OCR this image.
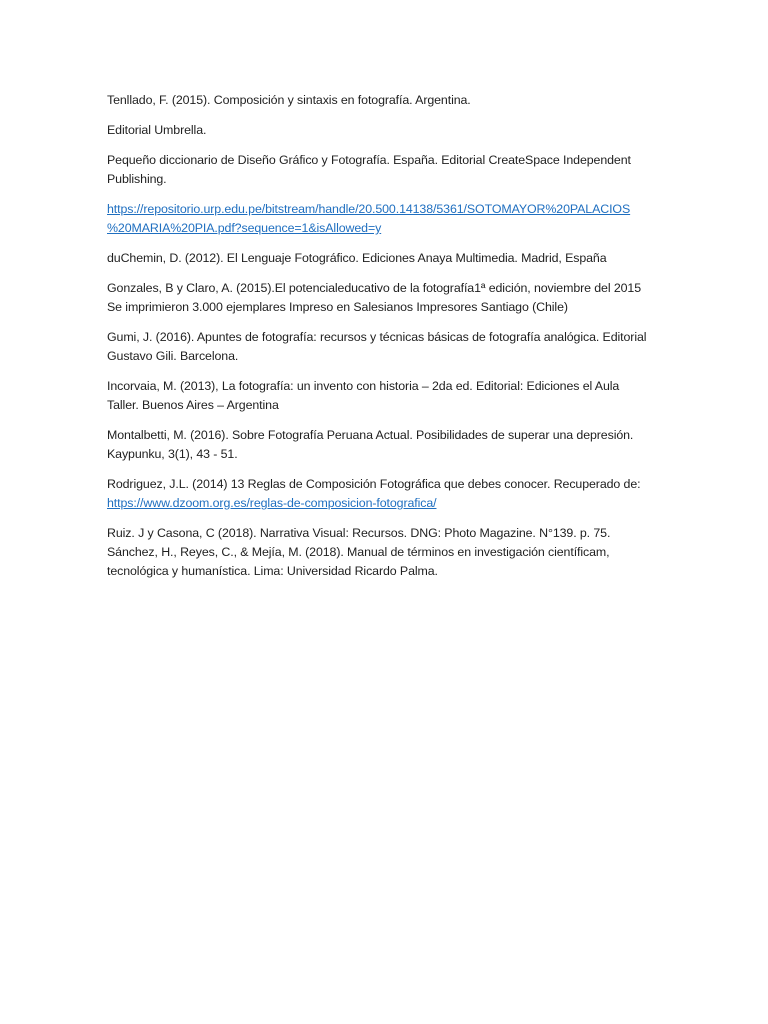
Tenllado, F. (2015). Composición y sintaxis en fotografía. Argentina.

Editorial Umbrella.

Pequeño diccionario de Diseño Gráfico y Fotografía. España. Editorial CreateSpace Independent
Publishing.

https://repositorio.urp.edu.pe/bitstream/handle/20.500.14138/5361/SOTOMAYOR%20PALACIOS
%20MARIA%20PIA.pdf?sequence=1&isAllowed=y

duChemin, D. (2012). El Lenguaje Fotográfico. Ediciones Anaya Multimedia. Madrid, España

Gonzales, B y Claro, A. (2015).El potencialeducativo de la fotografía1ª edición, noviembre del 2015
Se imprimieron 3.000 ejemplares Impreso en Salesianos Impresores Santiago (Chile)

Gumi, J. (2016). Apuntes de fotografía: recursos y técnicas básicas de fotografía analógica. Editorial
Gustavo Gili. Barcelona.

Incorvaia, M. (2013), La fotografía: un invento con historia – 2da ed. Editorial: Ediciones el Aula
Taller. Buenos Aires – Argentina

Montalbetti, M. (2016). Sobre Fotografía Peruana Actual. Posibilidades de superar una depresión.
Kaypunku, 3(1), 43 - 51.

Rodriguez, J.L. (2014) 13 Reglas de Composición Fotográfica que debes conocer. Recuperado de:
https://www.dzoom.org.es/reglas-de-composicion-fotografica/

Ruiz. J y Casona, C (2018). Narrativa Visual: Recursos. DNG: Photo Magazine. N°139. p. 75.
Sánchez, H., Reyes, C., & Mejía, M. (2018). Manual de términos en investigación científicam,
tecnológica y humanística. Lima: Universidad Ricardo Palma.
